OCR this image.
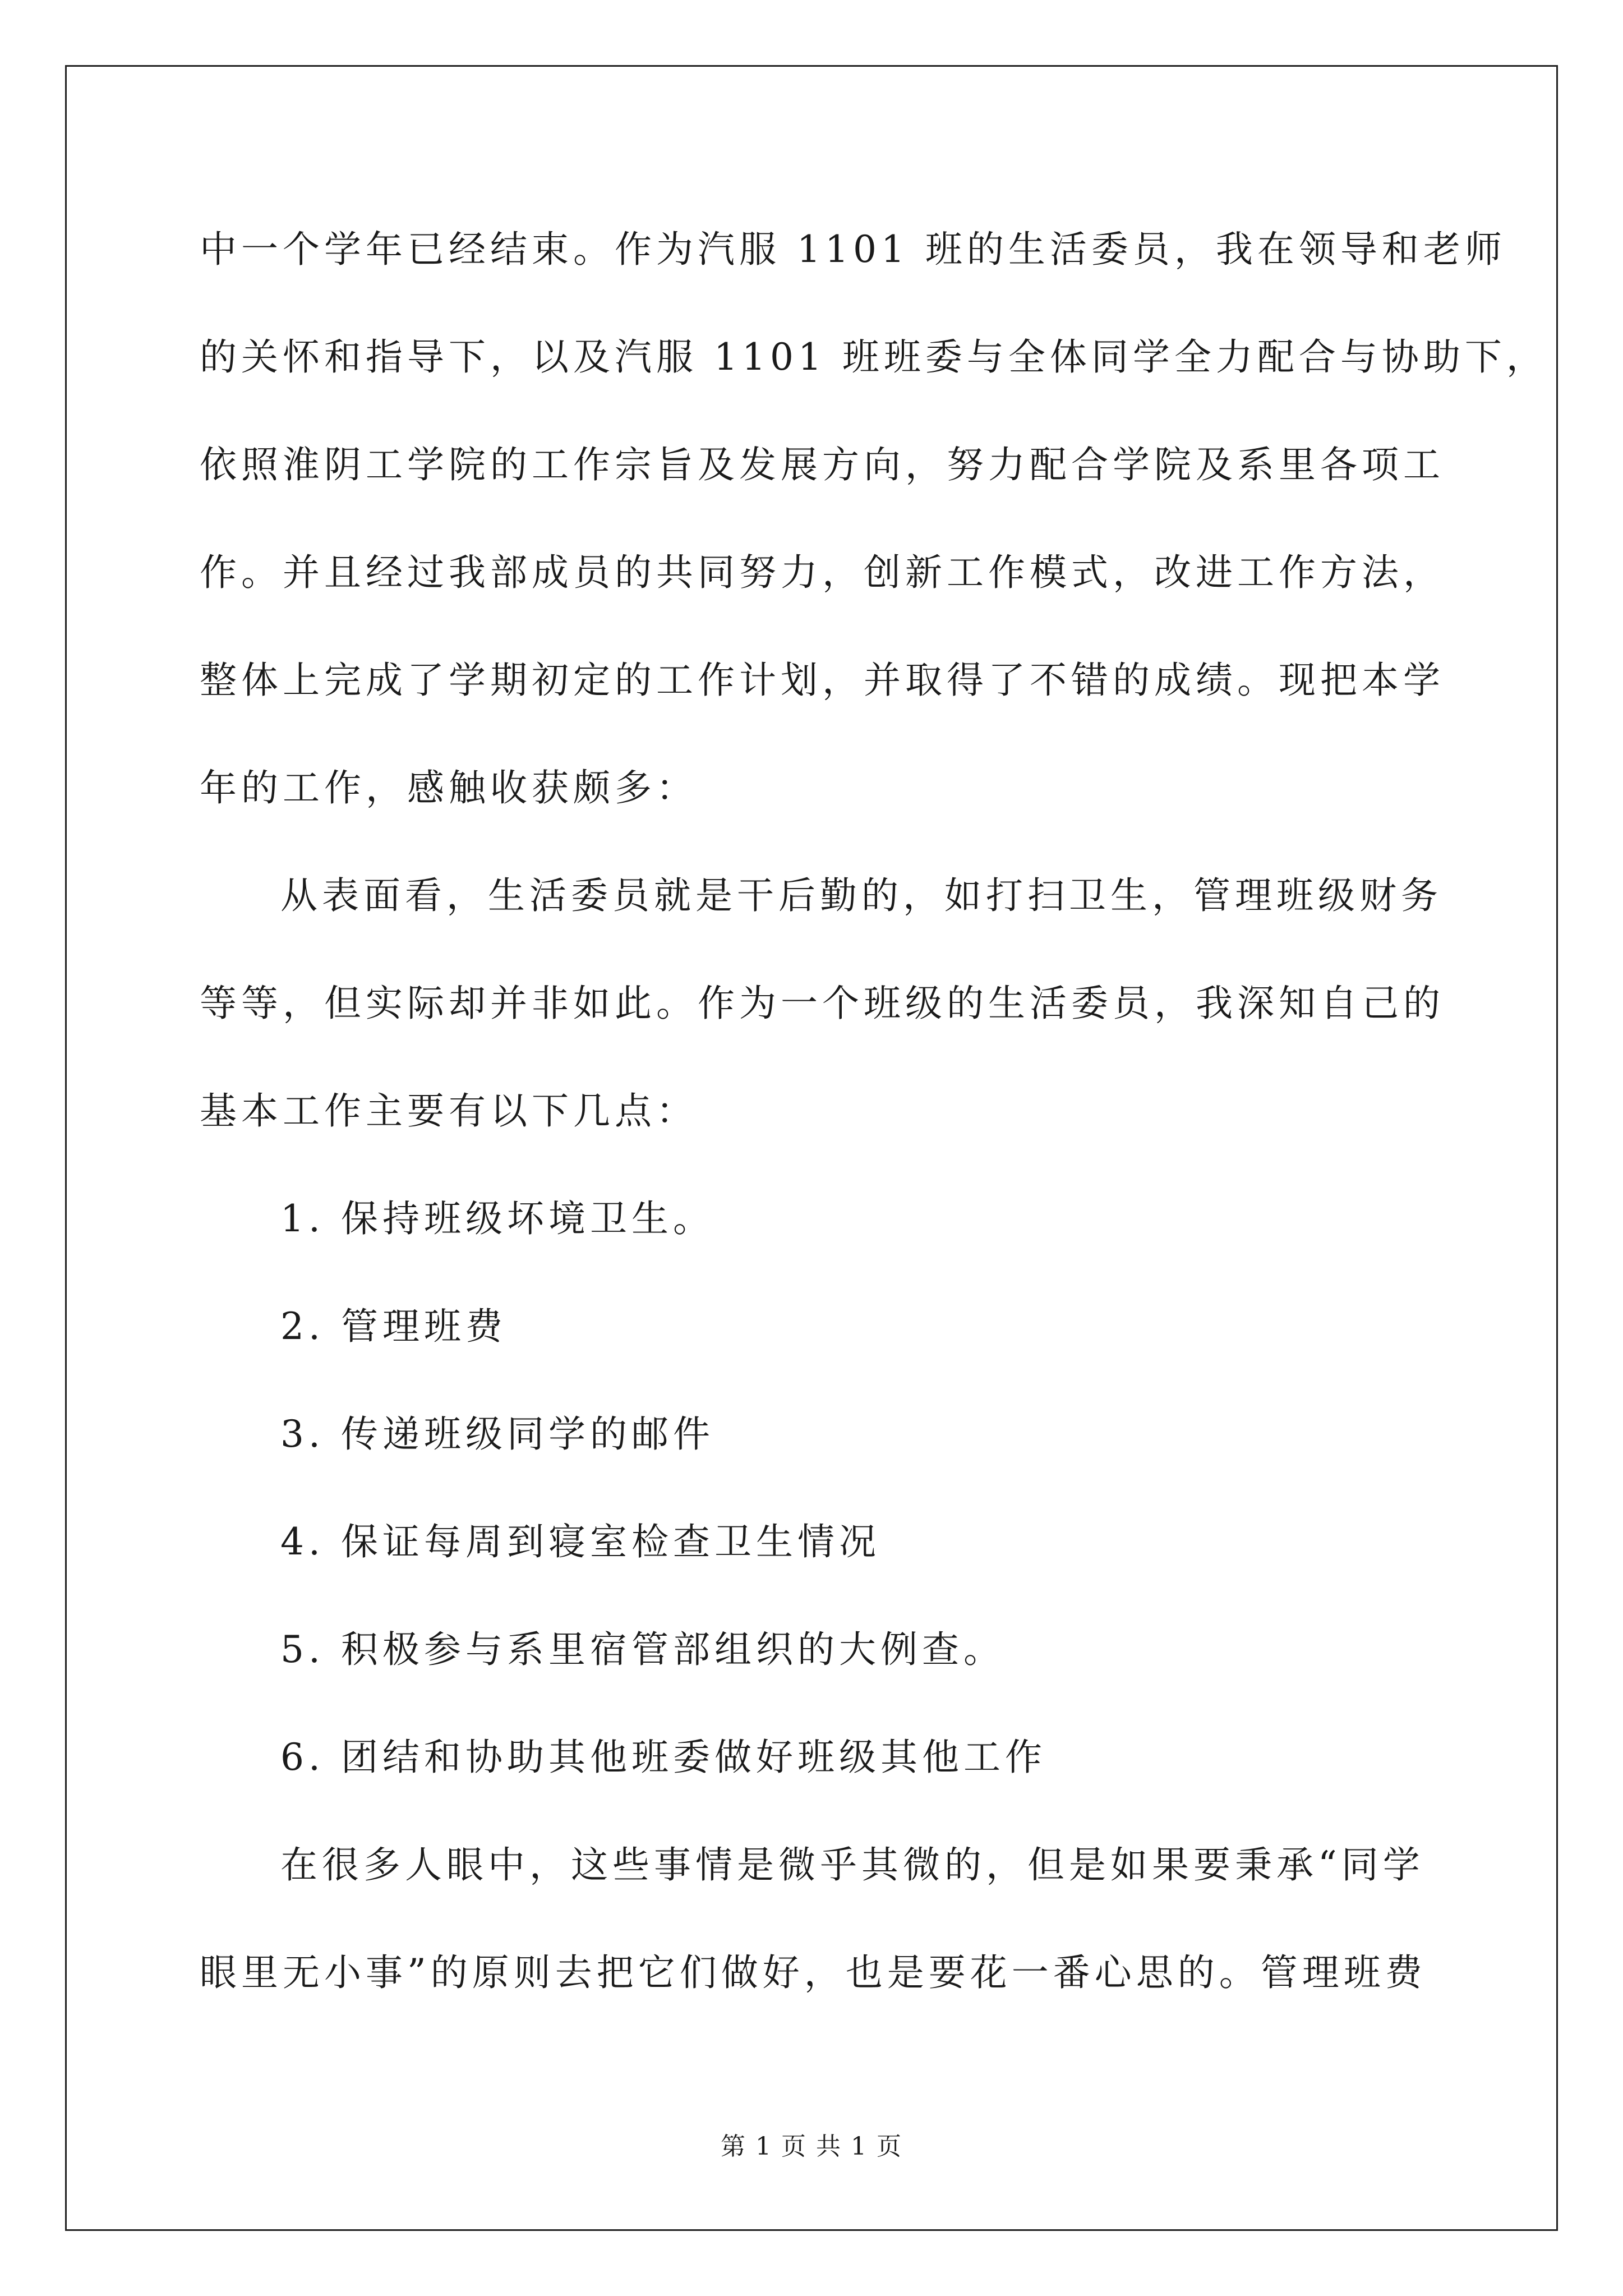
中一个学年已经结束。作为汽服 1101 班的生活委员，我在领导和老师
的关怀和指导下，以及汽服 1101 班班委与全体同学全力配合与协助下，
依照淮阴工学院的工作宗旨及发展方向，努力配合学院及系里各项工
作。并且经过我部成员的共同努力，创新工作模式，改进工作方法，
整体上完成了学期初定的工作计划，并取得了不错的成绩。现把本学
年的工作，感触收获颇多：
从表面看，生活委员就是干后勤的，如打扫卫生，管理班级财务
等等，但实际却并非如此。作为一个班级的生活委员，我深知自己的
基本工作主要有以下几点：
1. 保持班级坏境卫生。
2. 管理班费
3. 传递班级同学的邮件
4. 保证每周到寝室检查卫生情况
5. 积极参与系里宿管部组织的大例查。
6. 团结和协助其他班委做好班级其他工作
在很多人眼中，这些事情是微乎其微的，但是如果要秉承“同学
眼里无小事”的原则去把它们做好，也是要花一番心思的。管理班费
第 1 页 共 1 页
